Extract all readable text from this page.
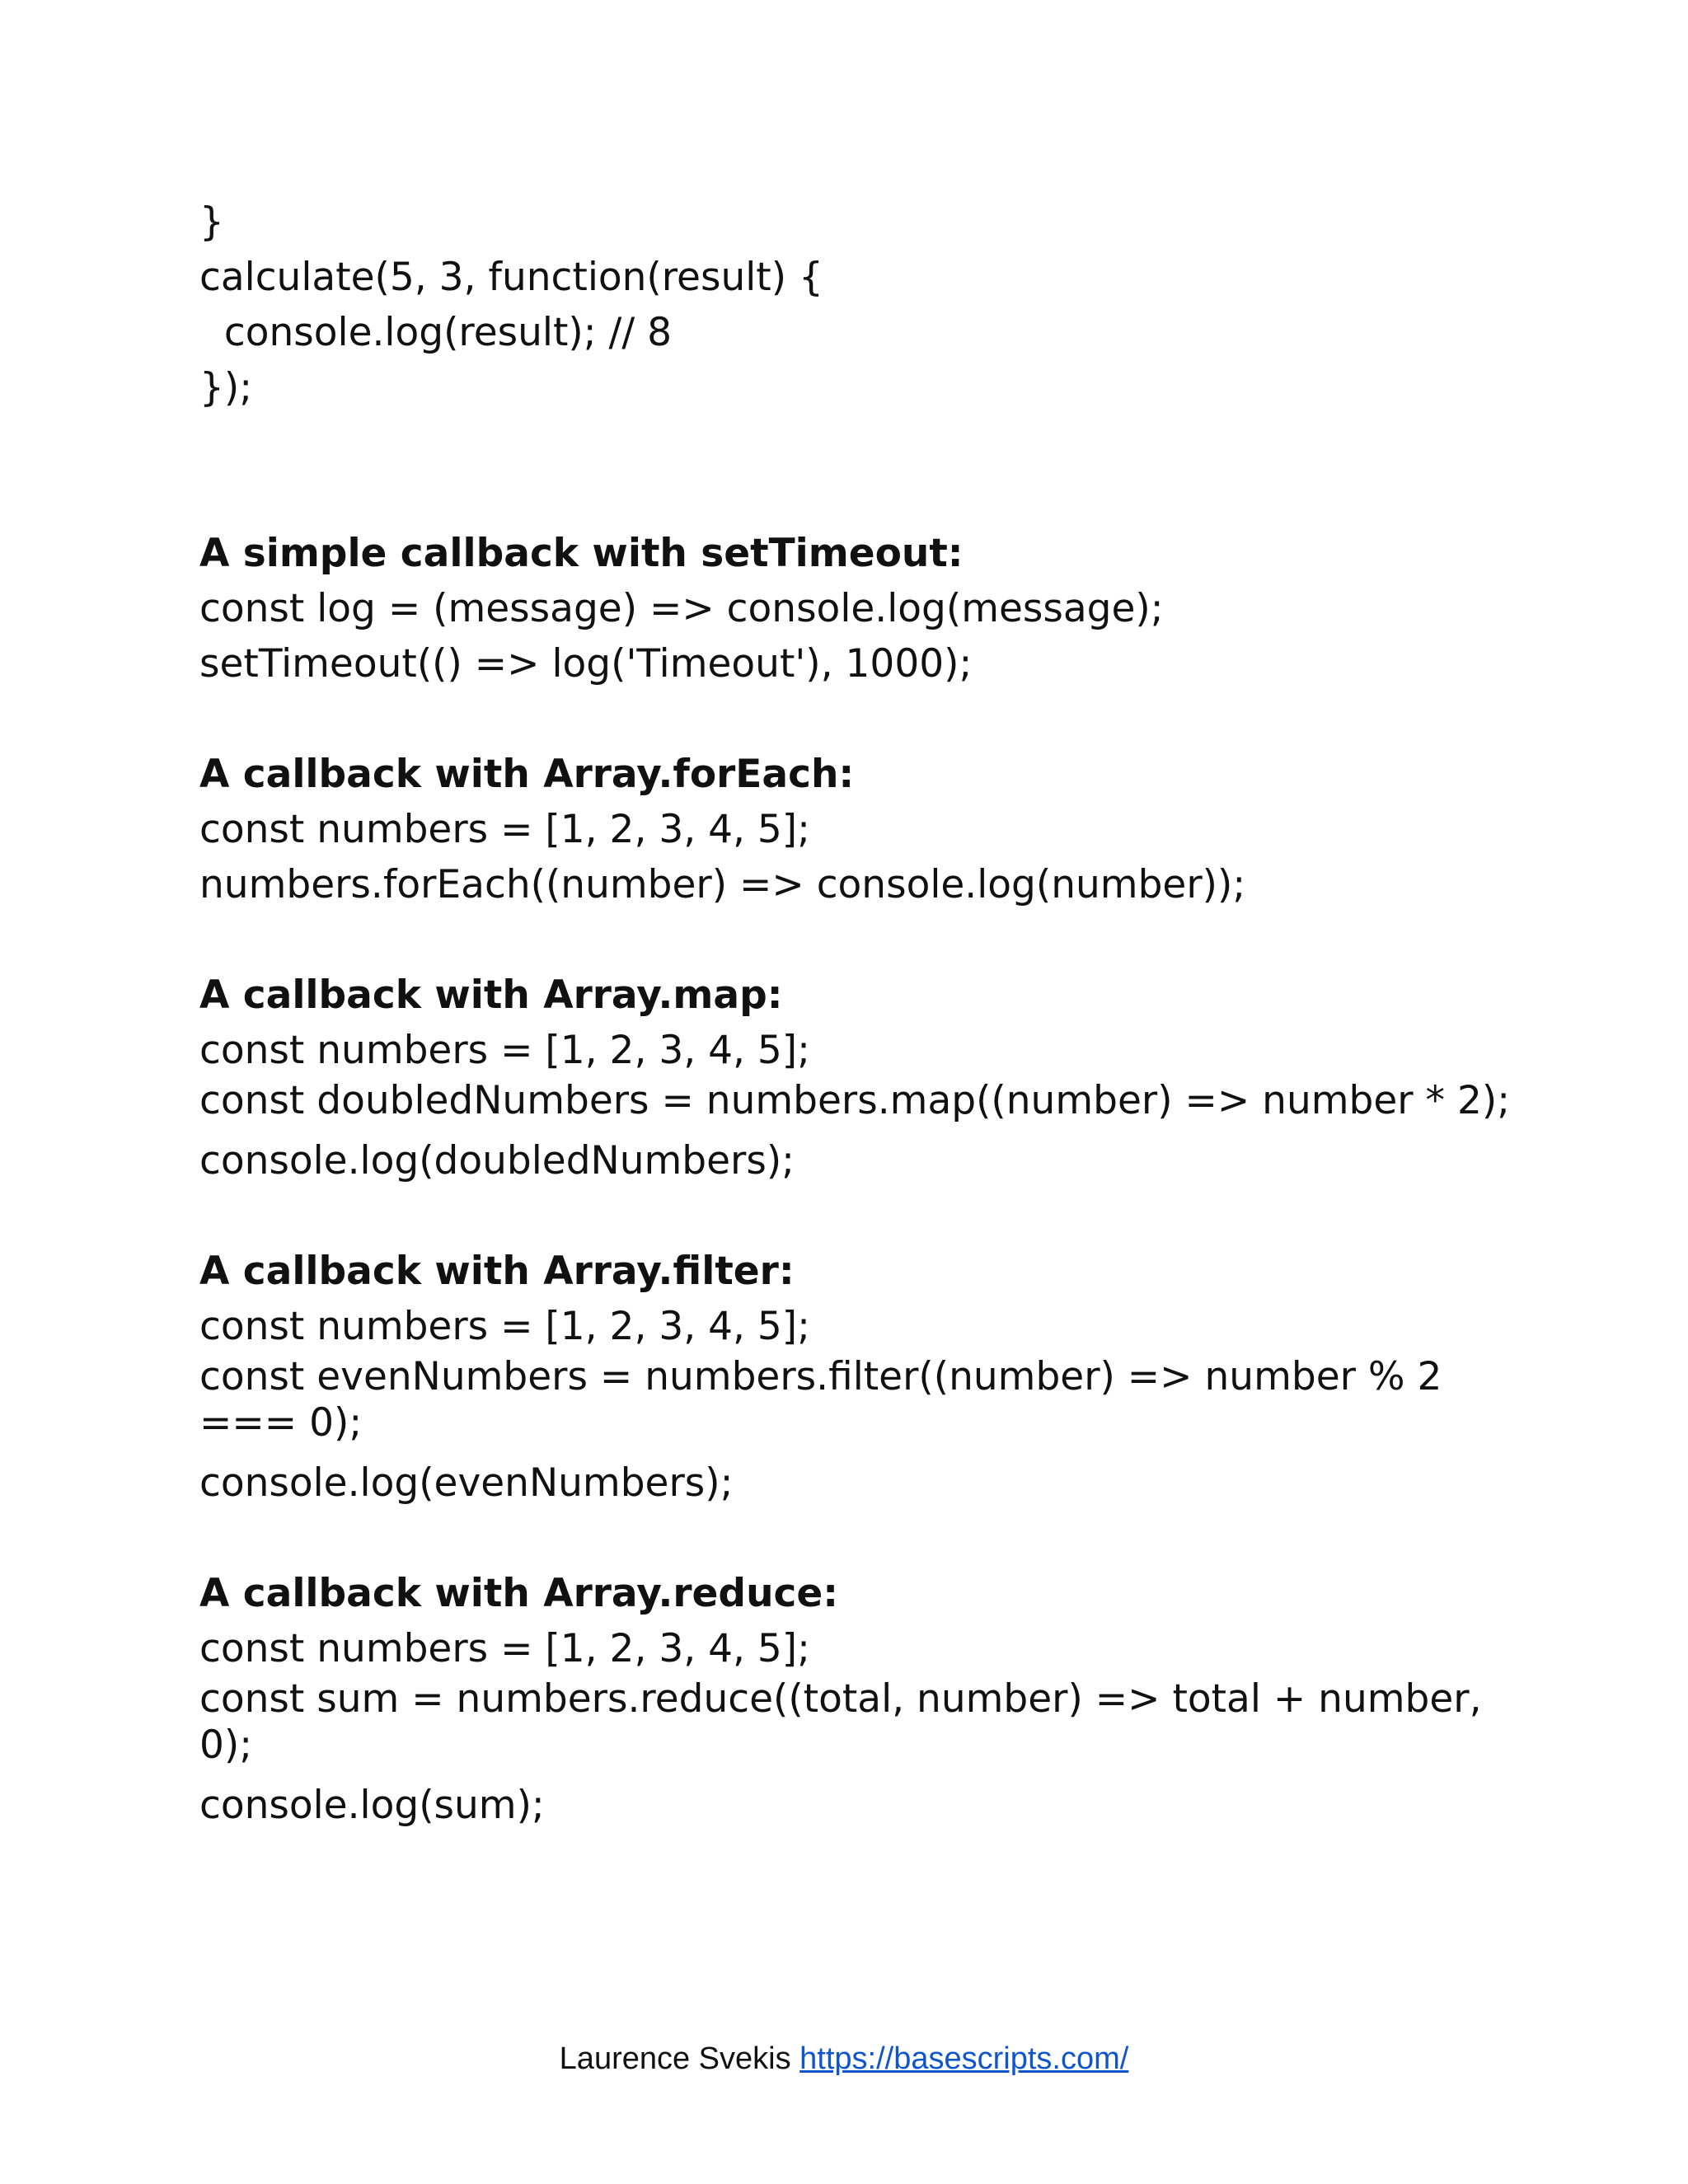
}
calculate(5, 3, function(result) {
console.log(result); // 8
});
A simple callback with setTimeout:
const log = (message) => console.log(message);
setTimeout(() => log('Timeout'), 1000);
A callback with Array.forEach:
const numbers = [1, 2, 3, 4, 5];
numbers.forEach((number) => console.log(number));
A callback with Array.map:
const numbers = [1, 2, 3, 4, 5];
const doubledNumbers = numbers.map((number) => number * 2);
console.log(doubledNumbers);
A callback with Array.filter:
const numbers = [1, 2, 3, 4, 5];
const evenNumbers = numbers.filter((number) => number % 2 === 0);
console.log(evenNumbers);
A callback with Array.reduce:
const numbers = [1, 2, 3, 4, 5];
const sum = numbers.reduce((total, number) => total + number, 0);
console.log(sum);
Laurence Svekis https://basescripts.com/
